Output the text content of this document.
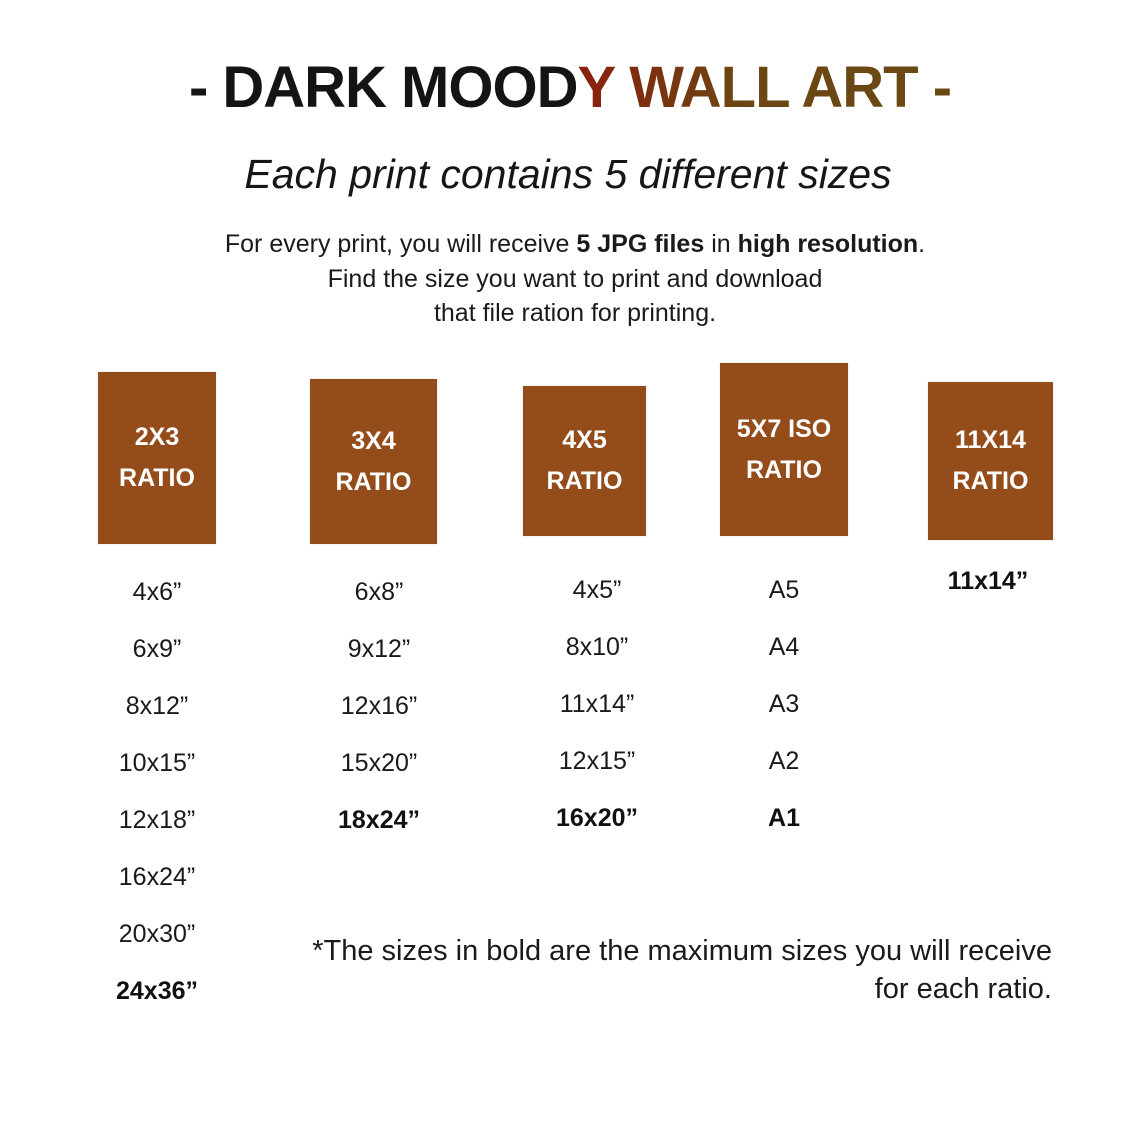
- DARK MOODY WALL ART -
Each print contains 5 different sizes
For every print, you will receive 5 JPG files in high resolution.
Find the size you want to print and download
that file ration for printing.
2X3
RATIO
3X4
RATIO
4X5
RATIO
5X7 ISO
RATIO
11X14
RATIO
4x6”
6x9”
8x12”
10x15”
12x18”
16x24”
20x30”
24x36”
6x8”
9x12”
12x16”
15x20”
18x24”
4x5”
8x10”
11x14”
12x15”
16x20”
A5
A4
A3
A2
A1
11x14”
*The sizes in bold are the maximum sizes you will receive
for each ratio.
